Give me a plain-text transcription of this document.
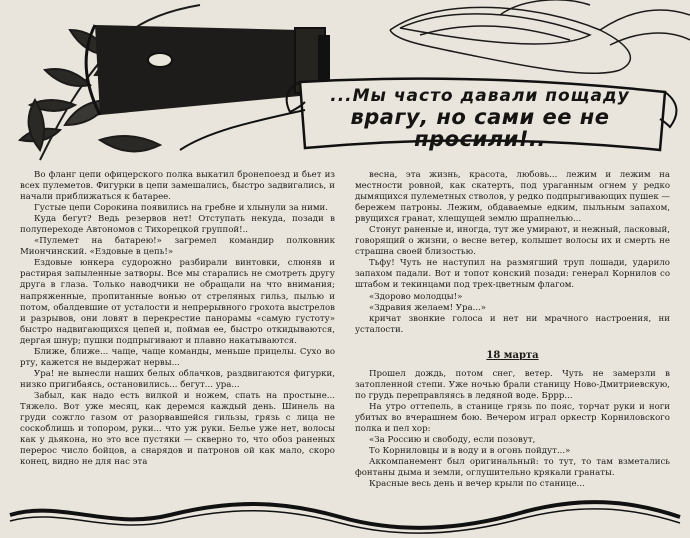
...Мы часто давали пощаду
врагу, но сами ее не просили!..

Во фланг цепи офицерского полка выкатил бронепоезд и бьет из всех пулеметов. Фигурки в цепи замешались, быстро задвигались, и начали приближаться к батарее.

Густые цепи Сорокина появились на гребне и хлынули за ними.

Куда бегут? Ведь резервов нет! Отступать некуда, позади в полупереходе Автономов с Тихорецкой группой!..

«Пулемет на батарею!» загремел командир полковник Миончинский. «Ездовые в цепь!»

Ездовые юнкера судорожно разбирали винтовки, слюняв и растирая запыленные затворы. Все мы старались не смотреть другу друга в глаза. Только наводчики не обращали на что внимания; напряженные, пропитанные вонью от стреляных гильз, пылью и потом, обалдевшие от усталости и непрерывного грохота выстрелов и разрывов, они ловят в перекрестие панорамы «самую густоту» быстро надвигающихся цепей и, поймав ее, быстро откидываются, дергая шнур; пушки подпрыгивают и плавно накатываются.

Ближе, ближе... чаще, чаще команды, меньше прицелы. Сухо во рту, кажется не выдержат нервы...

Ура! не вынесли наших белых облачков, раздвигаются фигурки, низко пригибаясь, остановились... бегут... ура...

Забыл, как надо есть вилкой и ножем, спать на простыне... Тяжело. Вот уже месяц, как деремся каждый день. Шинель на груди сожгло газом от разорвавшейся гильзы, грязь с лица не соскоблишь и топором, руки... что уж руки. Белье уже нет, волосы как у дьякона, но это все пустяки — скверно то, что обоз раненых перерос число бойцов, а снарядов и патронов ой как мало, скоро конец, видно не для нас эта

весна, эта жизнь, красота, любовь... лежим и лежим на местности ровной, как скатерть, под ураганным огнем у редко дымящихся пулеметных стволов, у редко подпрыгивающих пушек — бережем патроны. Лежим, обдаваемые едким, пыльным запахом, рвущихся гранат, хлещущей землю шрапнелью...

Стонут раненые и, иногда, тут же умирают, и нежный, ласковый, говорящий о жизни, о весне ветер, колышет волосы их и смерть не страшна своей близостью.

Тьфу! Чуть не наступил на размягший труп лошади, ударило запахом падали. Вот и топот конский позади: генерал Корнилов со штабом и текинцами под трех-цветным флагом.

«Здорово молодцы!»

«Здравия желаем! Ура...»

кричат звонкие голоса и нет ни мрачного настроения, ни усталости.

18 марта

Прошел дождь, потом снег, ветер. Чуть не замерзли в затопленной степи. Уже ночью брали станицу Ново-Дмитриевскую, по грудь переправляясь в ледяной воде. Бррр...

На утро оттепель, в станице грязь по пояс, торчат руки и ноги убитых во вчерашнем бою. Вечером играл оркестр Корниловского полка и пел хор:

«За Россию и свободу, если позовут,

То Корниловцы и в воду и в огонь пойдут...»

Аккомпанемент был оригинальный: то тут, то там взметались фонтаны дыма и земли, оглушительно крякали гранаты.

Красные весь день и вечер крыли по станице...
